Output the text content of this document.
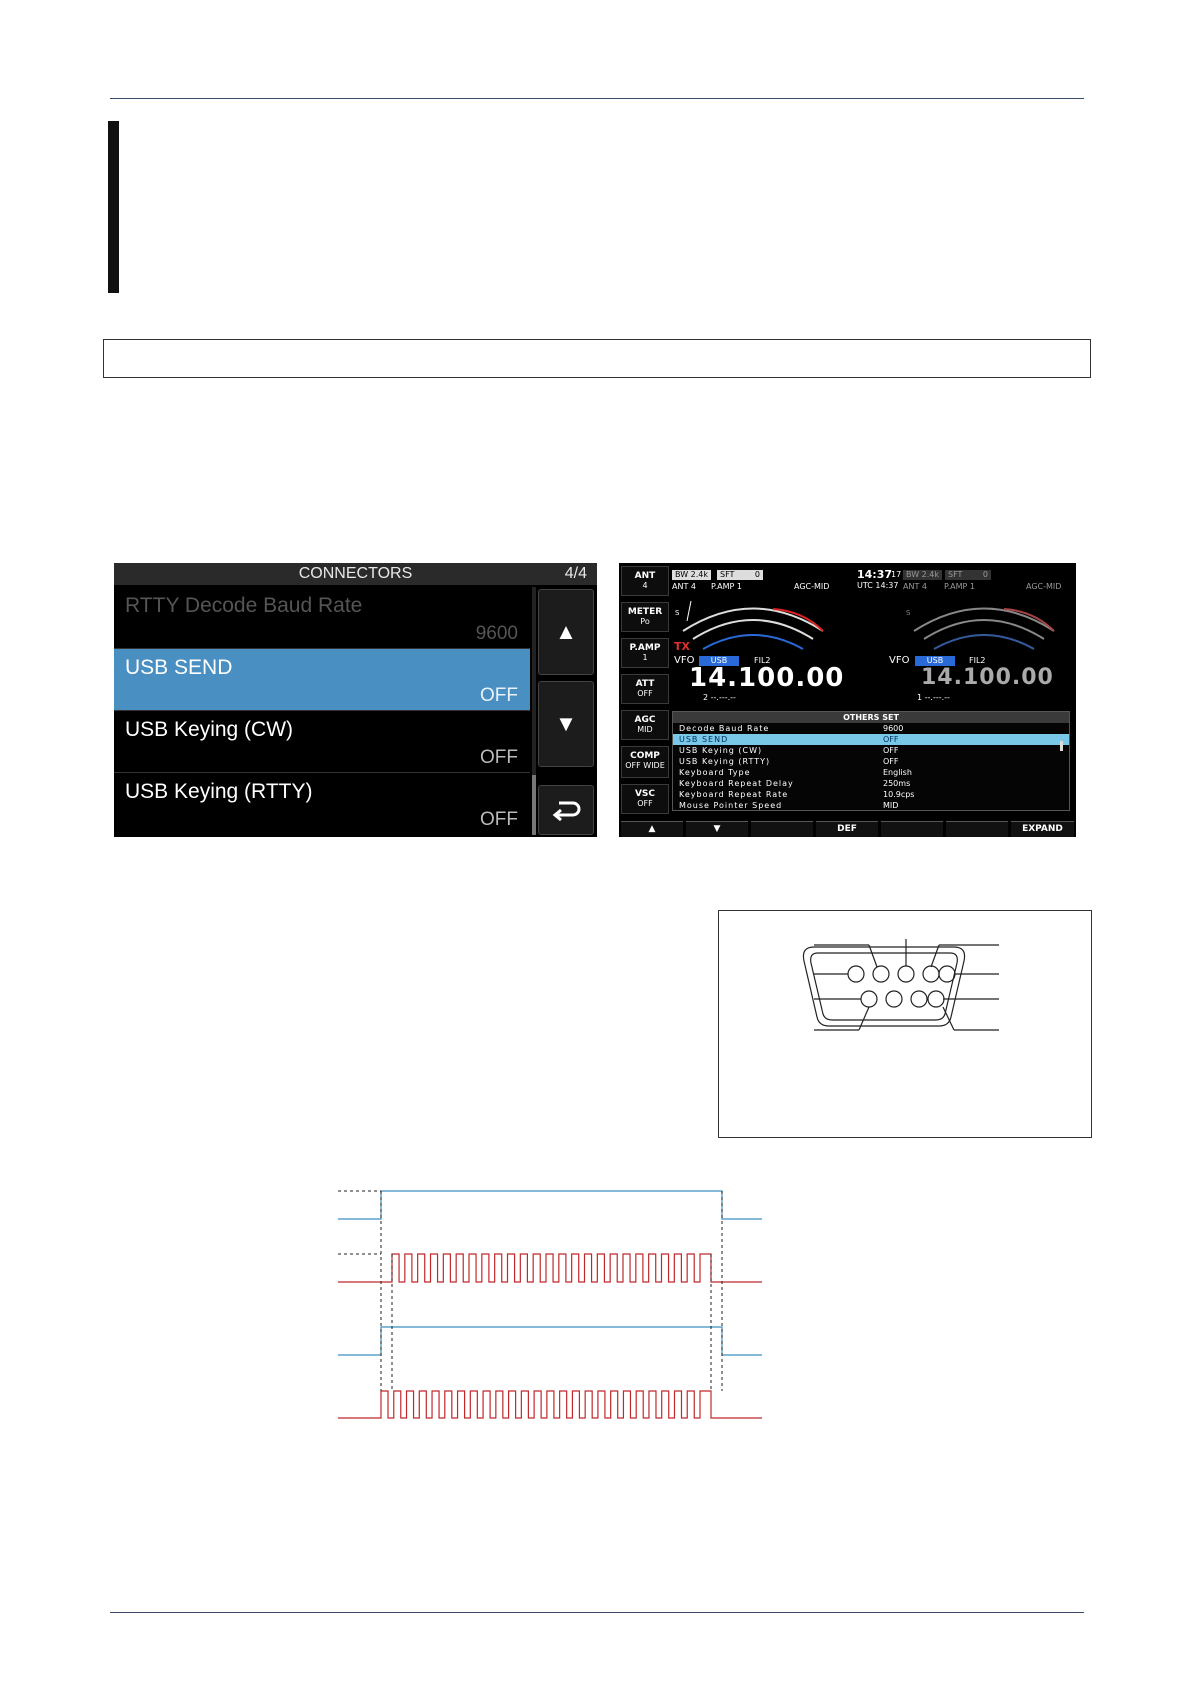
CONNECTORS	4/4
RTTY Decode Baud Rate
9600
USB SEND
OFF
USB Keying (CW)
OFF
USB Keying (RTTY)
OFF
▲
▼
ANT
4
METER
Po
P.AMP
1
ATT
OFF
AGC
MID
COMP
OFF WIDE
VSC
OFF
BW 2.4k	SFT	0
ANT 4 P.AMP 1	AGC-MID
S
TX
VFO	USB	FIL2
14.100.00
2 --.---.--
14:37
17
UTC 14:37
BW 2.4k	SFT	0
ANT 4 P.AMP 1	AGC-MID
S
VFO	USB	FIL2
14.100.00
1 --.---.--
OTHERS SET
Decode Baud Rate	9600
USB SEND	OFF
USB Keying (CW)	OFF
USB Keying (RTTY)	OFF
Keyboard Type	English
Keyboard Repeat Delay	250ms
Keyboard Repeat Rate	10.9cps
Mouse Pointer Speed	MID
▲	▼	DEF	EXPAND
